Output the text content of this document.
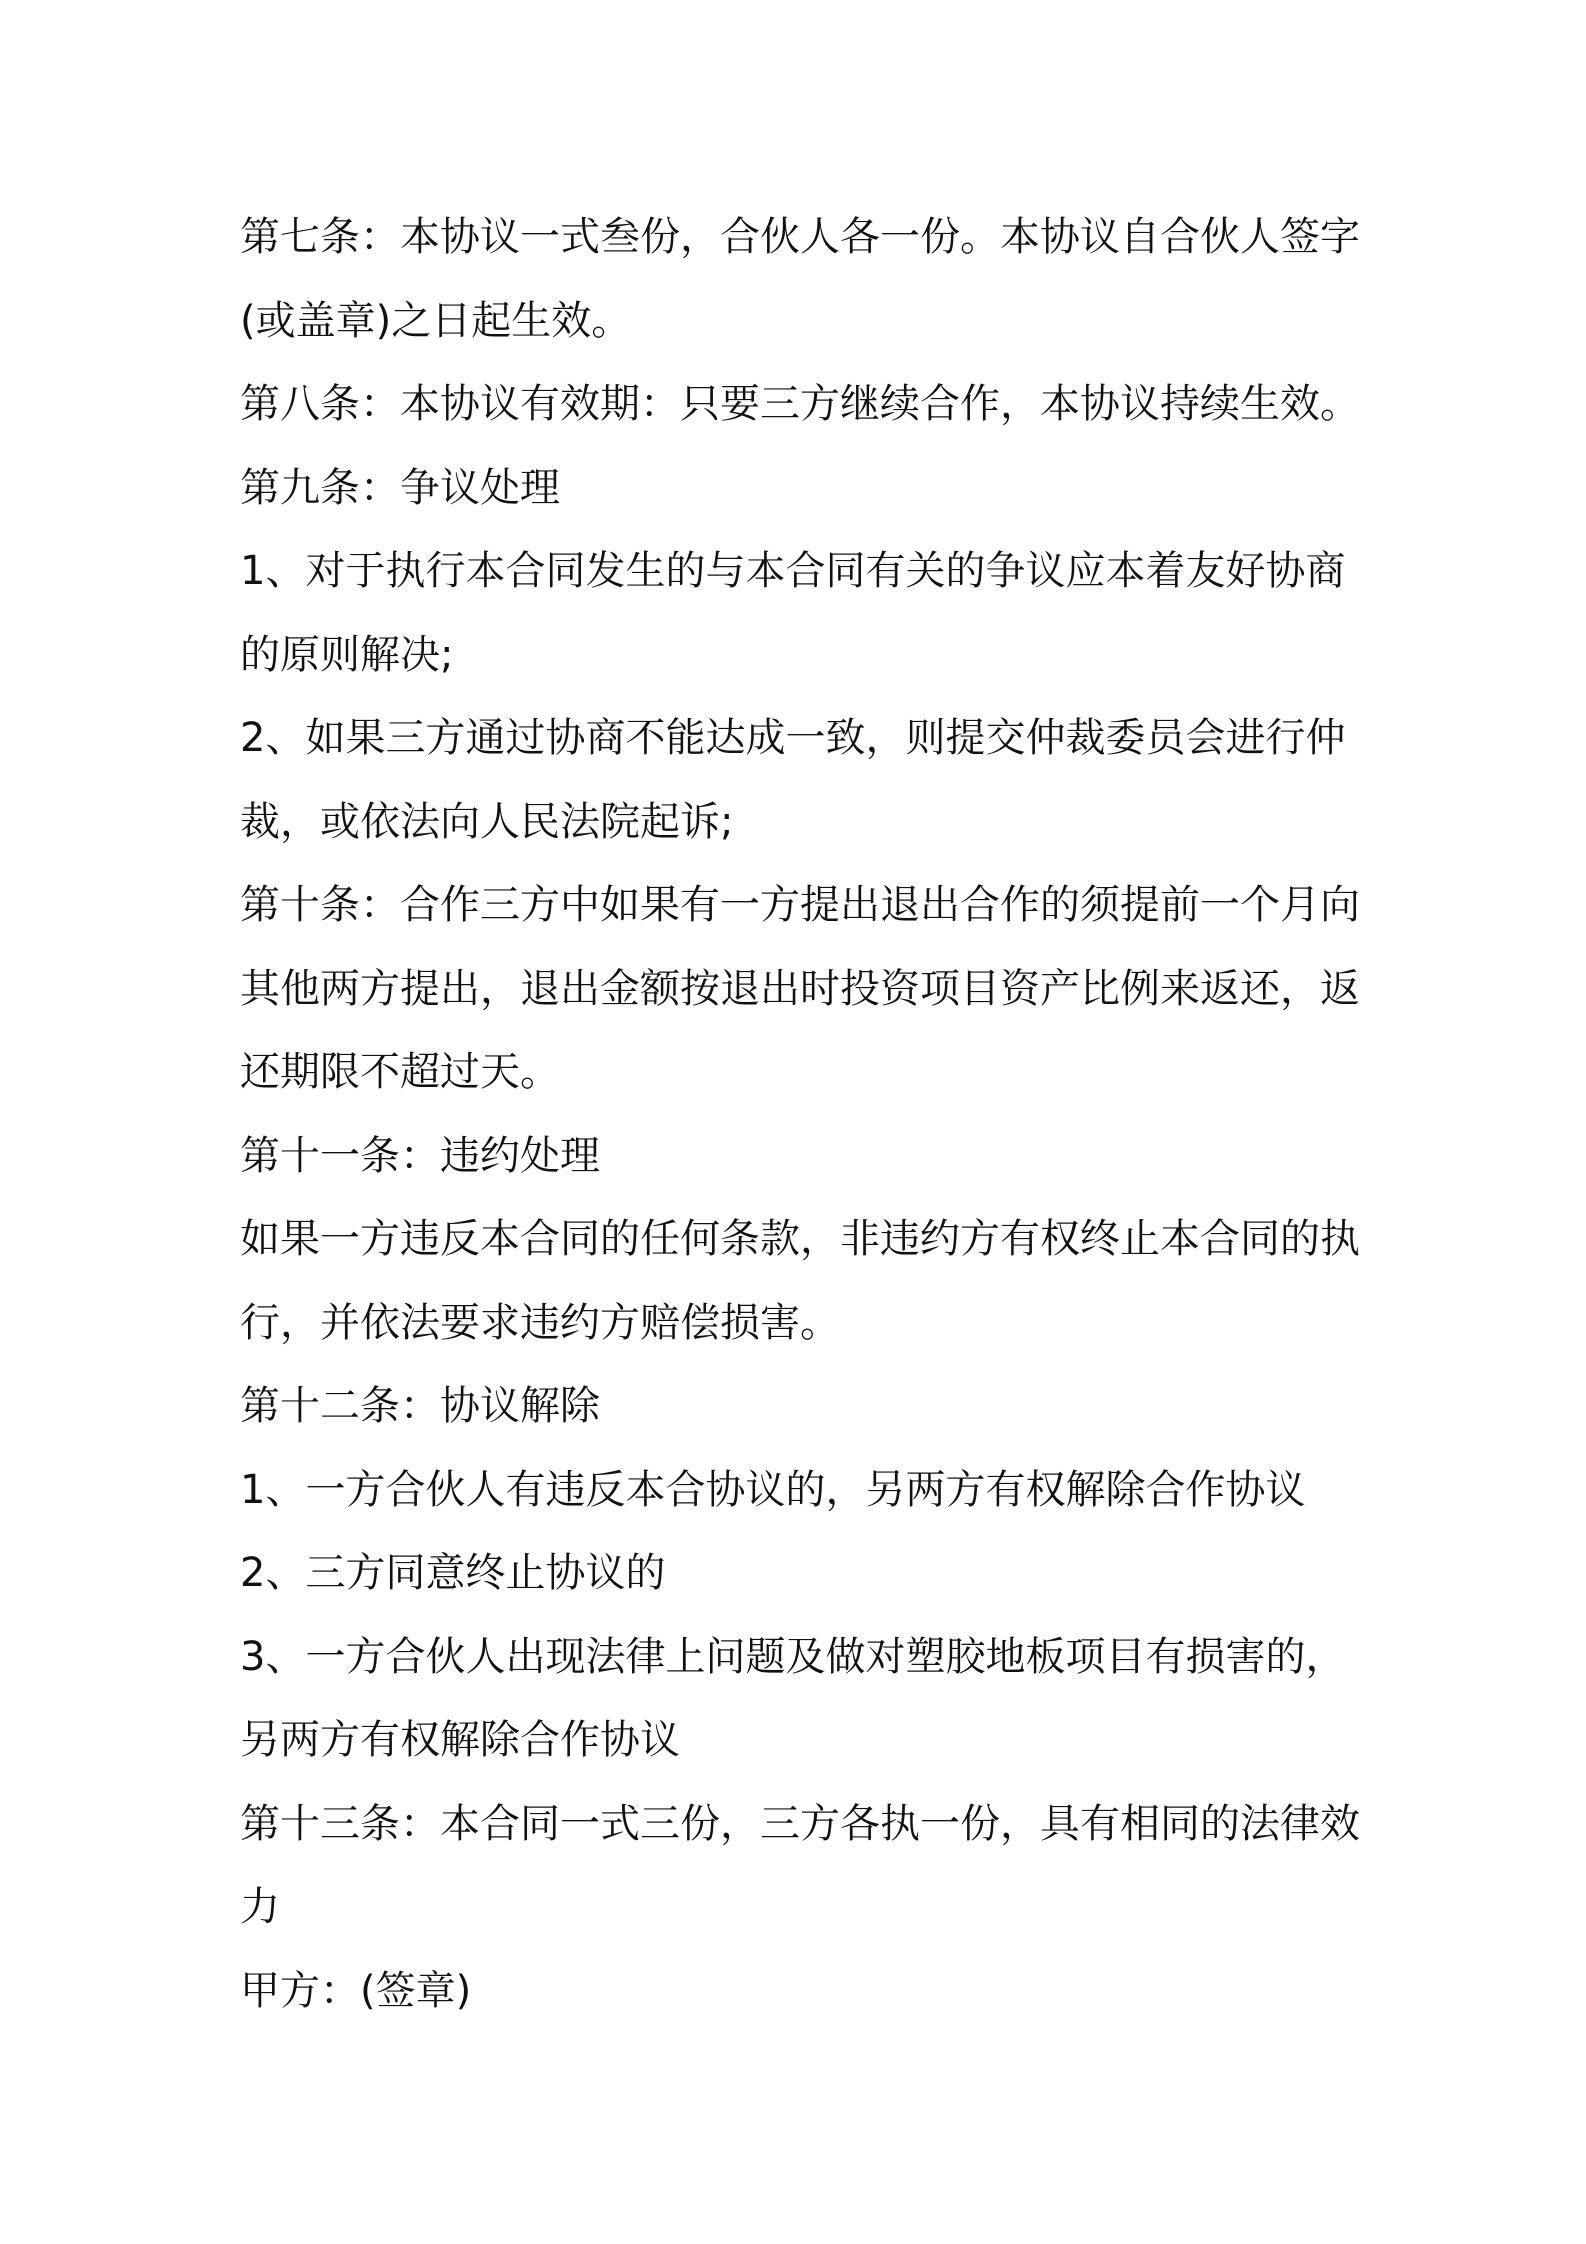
第七条：本协议一式叁份，合伙人各一份。本协议自合伙人签字
(或盖章)之日起生效。
第八条：本协议有效期：只要三方继续合作，本协议持续生效。
第九条：争议处理
1、对于执行本合同发生的与本合同有关的争议应本着友好协商
的原则解决;
2、如果三方通过协商不能达成一致，则提交仲裁委员会进行仲
裁，或依法向人民法院起诉;
第十条：合作三方中如果有一方提出退出合作的须提前一个月向
其他两方提出，退出金额按退出时投资项目资产比例来返还，返
还期限不超过天。
第十一条：违约处理
如果一方违反本合同的任何条款，非违约方有权终止本合同的执
行，并依法要求违约方赔偿损害。
第十二条：协议解除
1、一方合伙人有违反本合协议的，另两方有权解除合作协议
2、三方同意终止协议的
3、一方合伙人出现法律上问题及做对塑胶地板项目有损害的，
另两方有权解除合作协议
第十三条：本合同一式三份，三方各执一份，具有相同的法律效
力
甲方：(签章)
